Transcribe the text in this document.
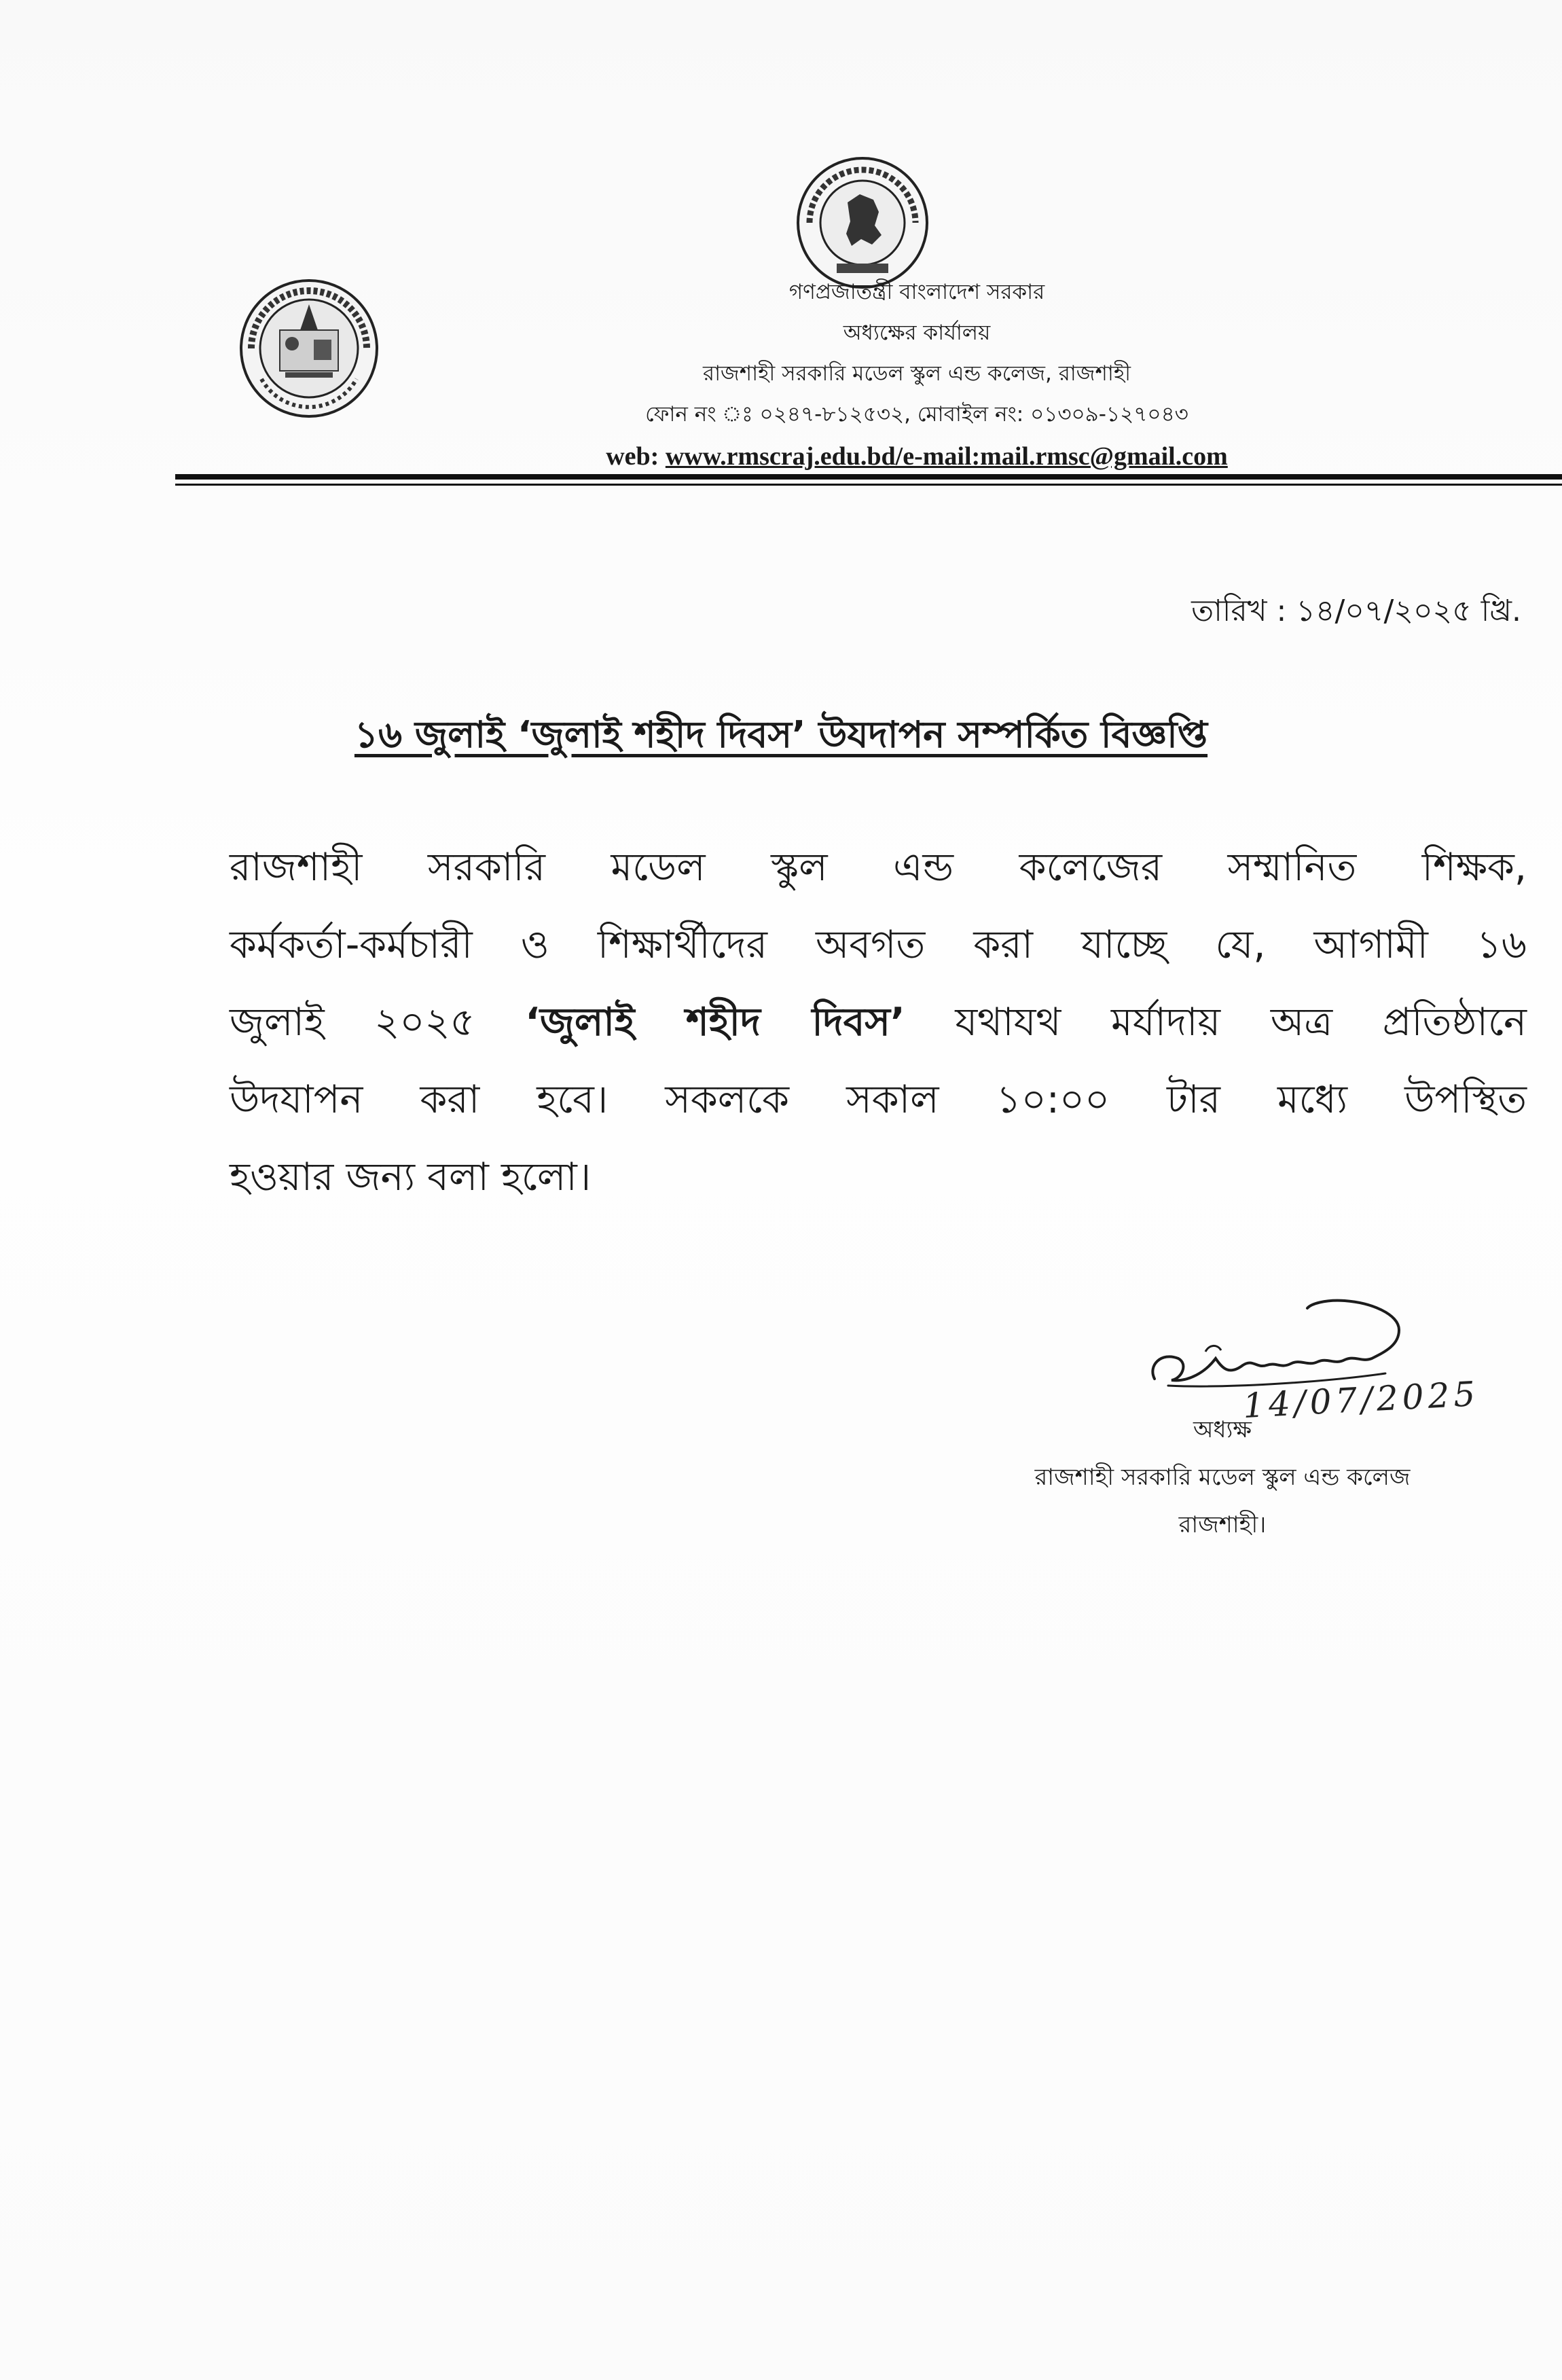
গণপ্রজাতন্ত্রী বাংলাদেশ সরকার
অধ্যক্ষের কার্যালয়
রাজশাহী সরকারি মডেল স্কুল এন্ড কলেজ, রাজশাহী
ফোন নং ঃ ০২৪৭-৮১২৫৩২, মোবাইল নং: ০১৩০৯-১২৭০৪৩
web: www.rmscraj.edu.bd/e-mail:mail.rmsc@gmail.com
তারিখ : ১৪/০৭/২০২৫ খ্রি.
১৬ জুলাই ‘জুলাই শহীদ দিবস’ উযদাপন সম্পর্কিত বিজ্ঞপ্তি
রাজশাহী সরকারি মডেল স্কুল এন্ড কলেজের সম্মানিত শিক্ষক,
কর্মকর্তা-কর্মচারী ও শিক্ষার্থীদের অবগত করা যাচ্ছে যে, আগামী ১৬
জুলাই ২০২৫ ‘জুলাই শহীদ দিবস’ যথাযথ মর্যাদায় অত্র প্রতিষ্ঠানে
উদযাপন করা হবে। সকলকে সকাল ১০:০০ টার মধ্যে উপস্থিত
হওয়ার জন্য বলা হলো।
14/07/2025
অধ্যক্ষ
রাজশাহী সরকারি মডেল স্কুল এন্ড কলেজ
রাজশাহী।
